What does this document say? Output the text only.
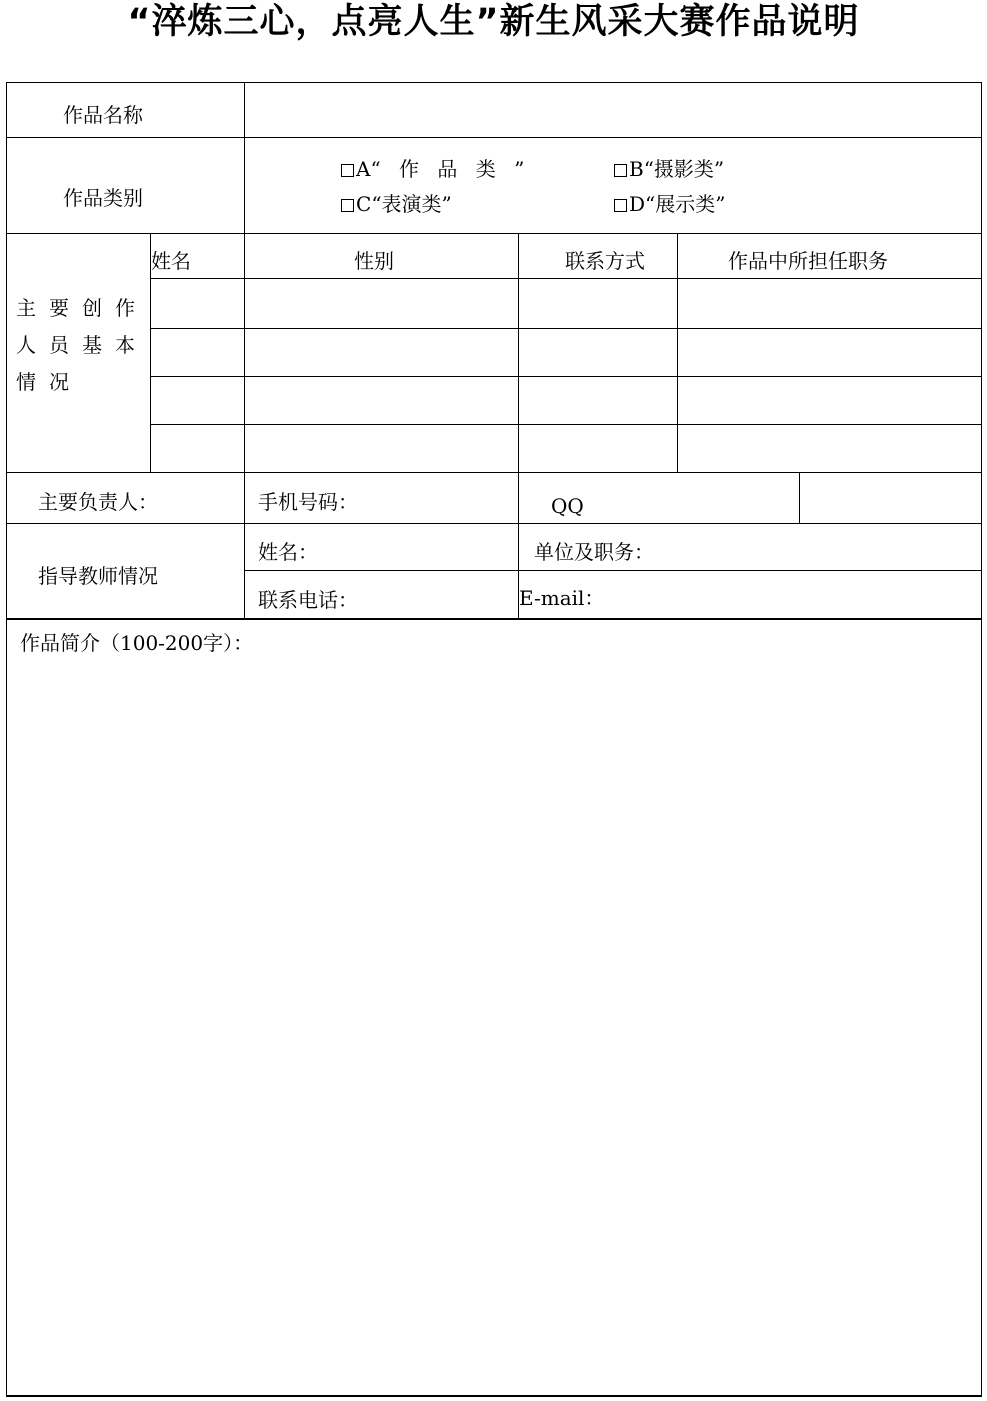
“淬炼三心，点亮人生”新生风采大赛作品说明
作品名称
作品类别
A“ 作 品 类 ”	B“摄影类”
C“表演类”	D“展示类”
主要创作人员基本情况
姓名	性别	联系方式	作品中所担任职务
主要负责人：	手机号码：	QQ
指导教师情况
姓名：	单位及职务：
联系电话：	E-mail：
作品简介（100-200字）：
